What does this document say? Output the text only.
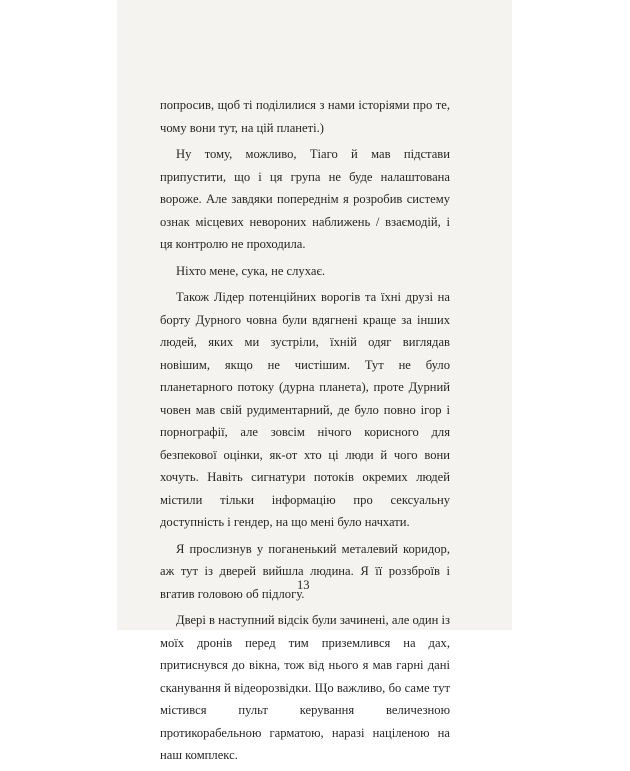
попросив, щоб ті поділилися з нами історіями про те, чому вони тут, на цій планеті.)

Ну тому, можливо, Тіаго й мав підстави припустити, що і ця група не буде налаштована вороже. Але завдяки попереднім я розробив систему ознак місцевих невороних наближень / взаємодій, і ця контролю не проходила.

Ніхто мене, сука, не слухає.

Також Лідер потенційних ворогів та їхні друзі на борту Дурного човна були вдягнені краще за інших людей, яких ми зустріли, їхній одяг виглядав новішим, якщо не чистішим. Тут не було планетарного потоку (дурна планета), проте Дурний човен мав свій рудиментарний, де було повно ігор і порнографії, але зовсім нічого корисного для безпекової оцінки, як-от хто ці люди й чого вони хочуть. Навіть сигнатури потоків окремих людей містили тільки інформацію про сексуальну доступність і гендер, на що мені було начхати.

Я прослизнув у поганенький металевий коридор, аж тут із дверей вийшла людина. Я її роззброїв і вгатив головою об підлогу.

Двері в наступний відсік були зачинені, але один із моїх дронів перед тим приземлився на дах, притиснувся до вікна, тож від нього я мав гарні дані сканування й відеорозвідки. Що важливо, бо саме тут містився пульт керування величезною протикорабельною гарматою, наразі націленою на наш комплекс.

13
